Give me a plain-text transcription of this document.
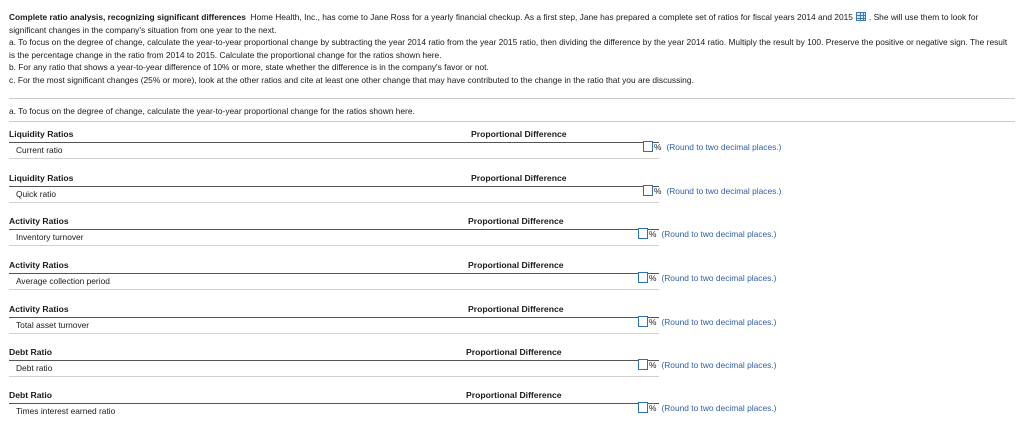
Complete ratio analysis, recognizing significant differences Home Health, Inc., has come to Jane Ross for a yearly financial checkup. As a first step, Jane has prepared a complete set of ratios for fiscal years 2014 and 2015 . She will use them to look for significant changes in the company's situation from one year to the next.

a. To focus on the degree of change, calculate the year-to-year proportional change by subtracting the year 2014 ratio from the year 2015 ratio, then dividing the difference by the year 2014 ratio. Multiply the result by 100. Preserve the positive or negative sign. The result is the percentage change in the ratio from 2014 to 2015. Calculate the proportional change for the ratios shown here.

b. For any ratio that shows a year-to-year difference of 10% or more, state whether the difference is in the company's favor or not.

c. For the most significant changes (25% or more), look at the other ratios and cite at least one other change that may have contributed to the change in the ratio that you are discussing.

a. To focus on the degree of change, calculate the year-to-year proportional change for the ratios shown here.
Liquidity Ratios	Proportional Difference
Current ratio	% (Round to two decimal places.)
Liquidity Ratios	Proportional Difference
Quick ratio	% (Round to two decimal places.)
Activity Ratios	Proportional Difference
Inventory turnover	% (Round to two decimal places.)
Activity Ratios	Proportional Difference
Average collection period	% (Round to two decimal places.)
Activity Ratios	Proportional Difference
Total asset turnover	% (Round to two decimal places.)
Debt Ratio	Proportional Difference
Debt ratio	% (Round to two decimal places.)
Debt Ratio	Proportional Difference
Times interest earned ratio	% (Round to two decimal places.)
